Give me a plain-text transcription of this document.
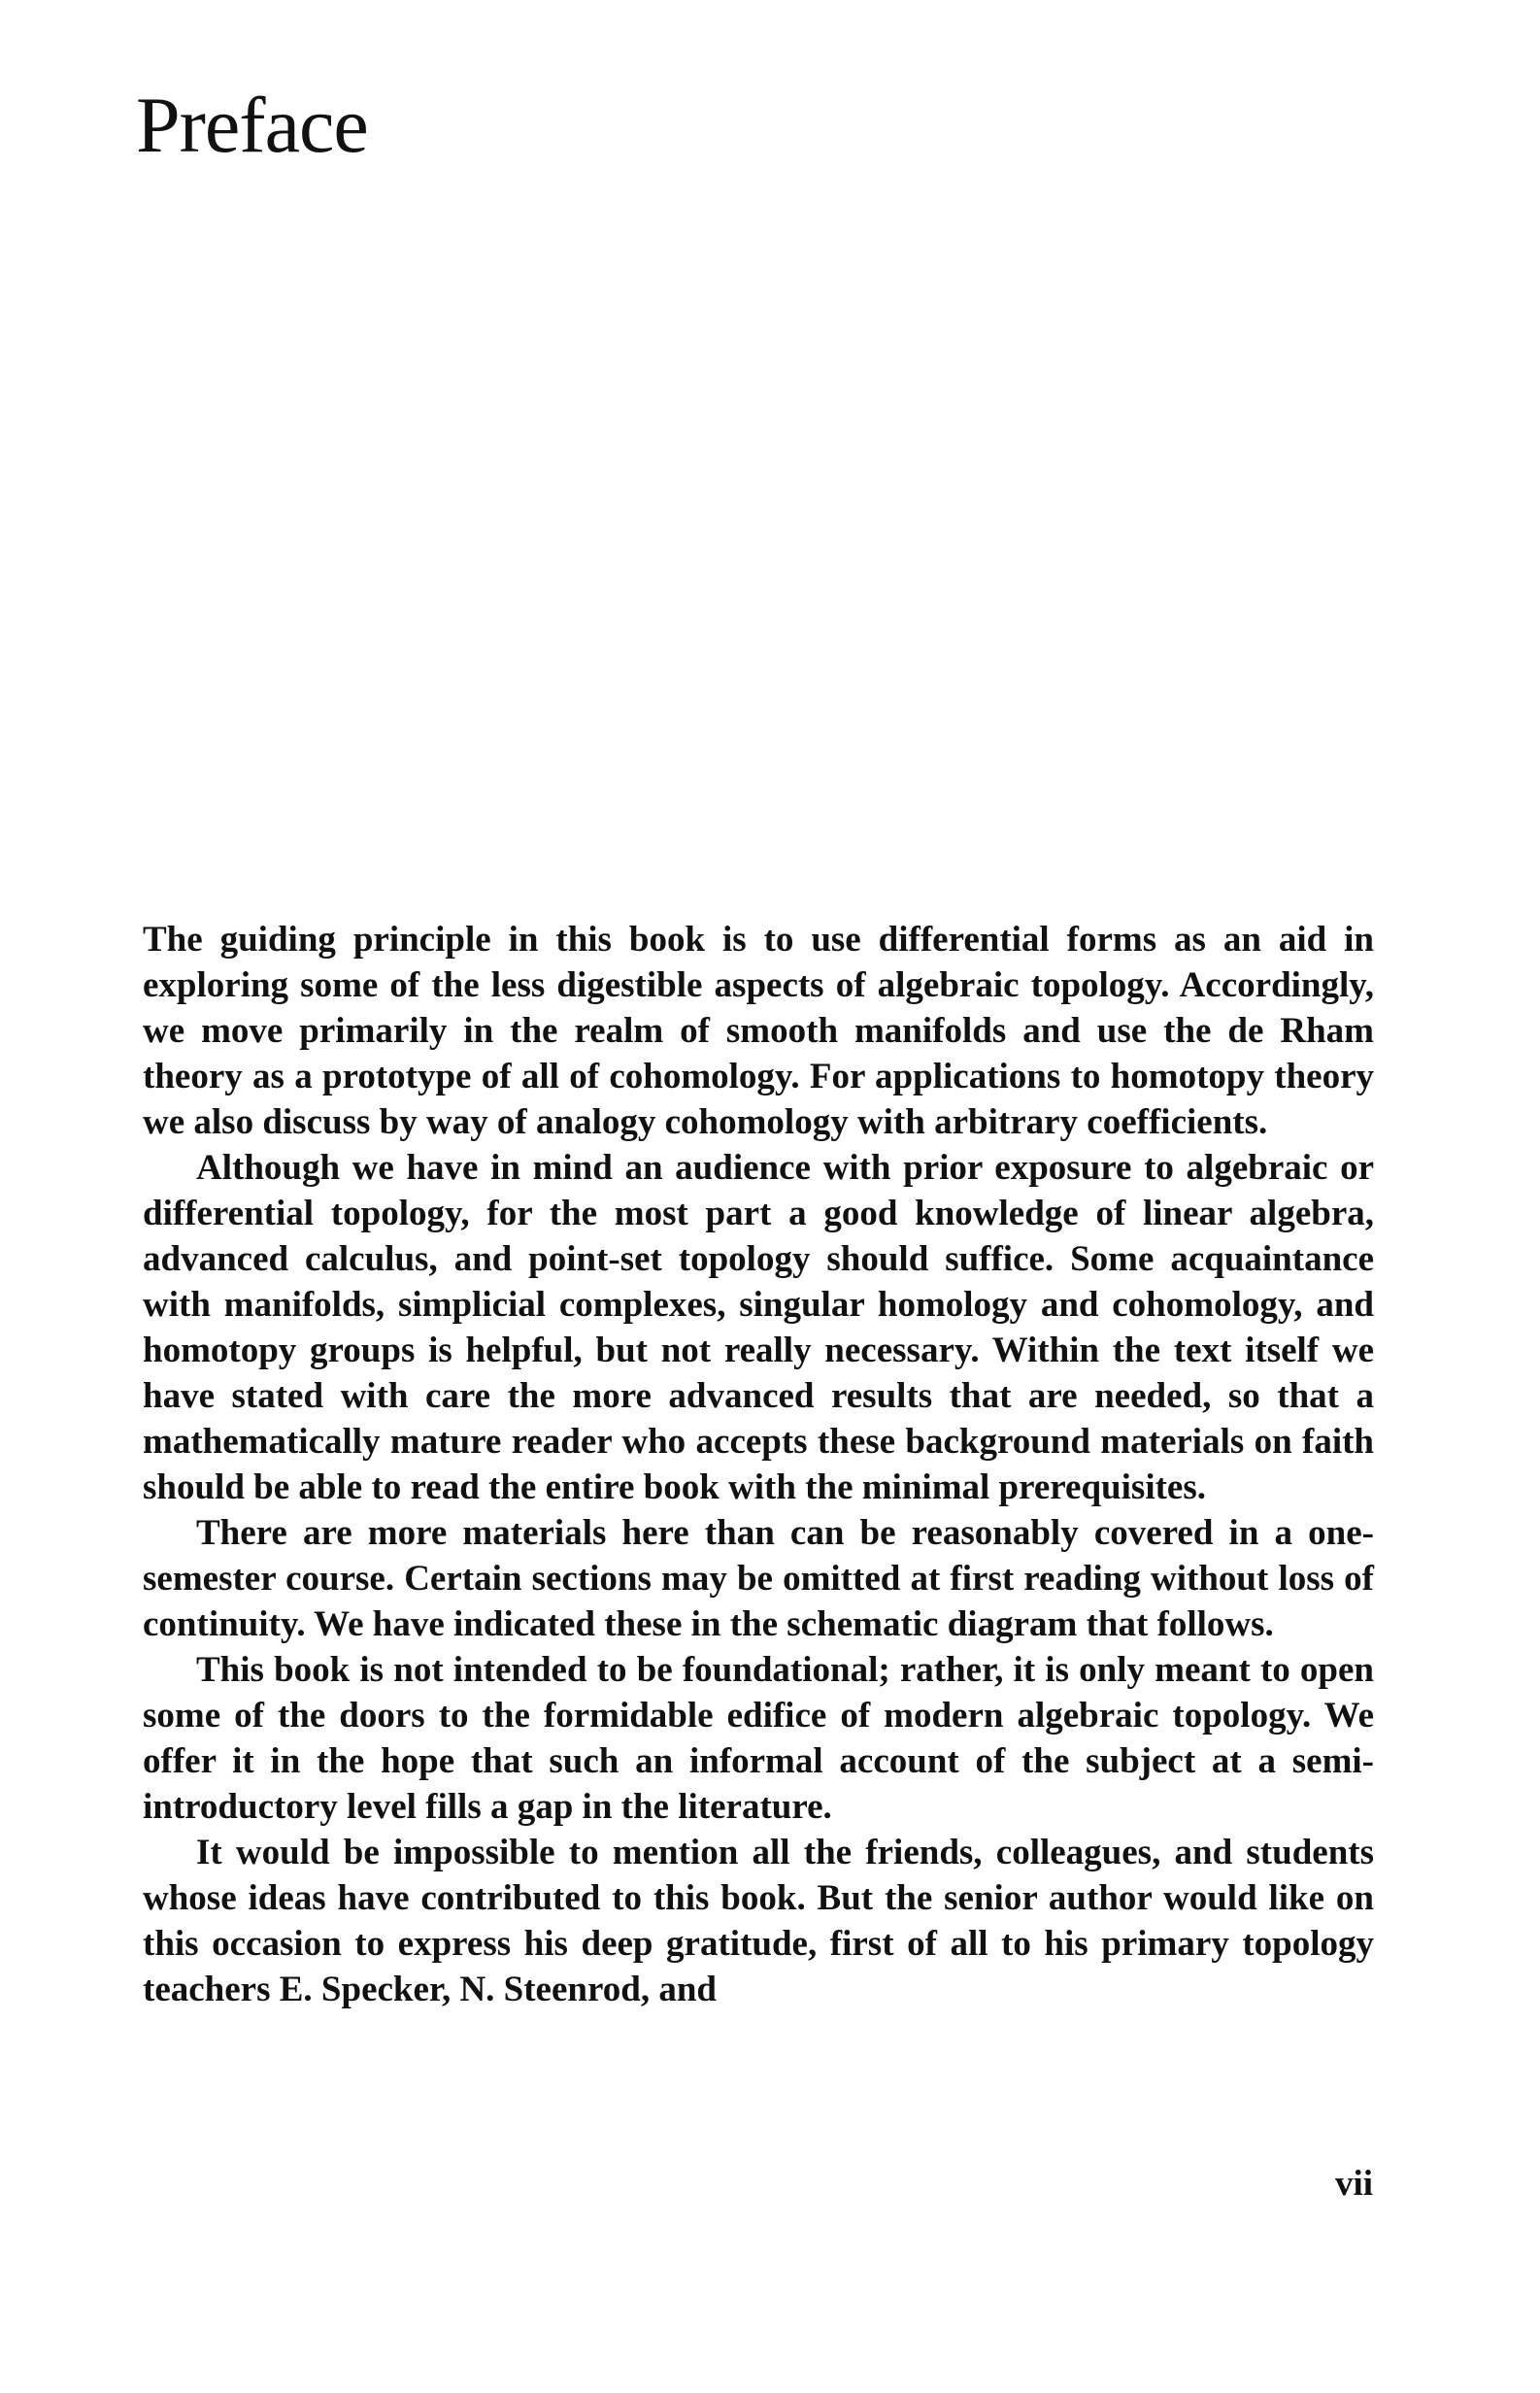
Preface

The guiding principle in this book is to use differential forms as an aid in exploring some of the less digestible aspects of algebraic topology. Accordingly, we move primarily in the realm of smooth manifolds and use the de Rham theory as a prototype of all of cohomology. For applications to homotopy theory we also discuss by way of analogy cohomology with arbitrary coefficients.

Although we have in mind an audience with prior exposure to algebraic or differential topology, for the most part a good knowledge of linear algebra, advanced calculus, and point-set topology should suffice. Some acquaintance with manifolds, simplicial complexes, singular homology and cohomology, and homotopy groups is helpful, but not really necessary. Within the text itself we have stated with care the more advanced results that are needed, so that a mathematically mature reader who accepts these background materials on faith should be able to read the entire book with the minimal prerequisites.

There are more materials here than can be reasonably covered in a one-semester course. Certain sections may be omitted at first reading without loss of continuity. We have indicated these in the schematic diagram that follows.

This book is not intended to be foundational; rather, it is only meant to open some of the doors to the formidable edifice of modern algebraic topology. We offer it in the hope that such an informal account of the subject at a semi-introductory level fills a gap in the literature.

It would be impossible to mention all the friends, colleagues, and students whose ideas have contributed to this book. But the senior author would like on this occasion to express his deep gratitude, first of all to his primary topology teachers E. Specker, N. Steenrod, and

vii
